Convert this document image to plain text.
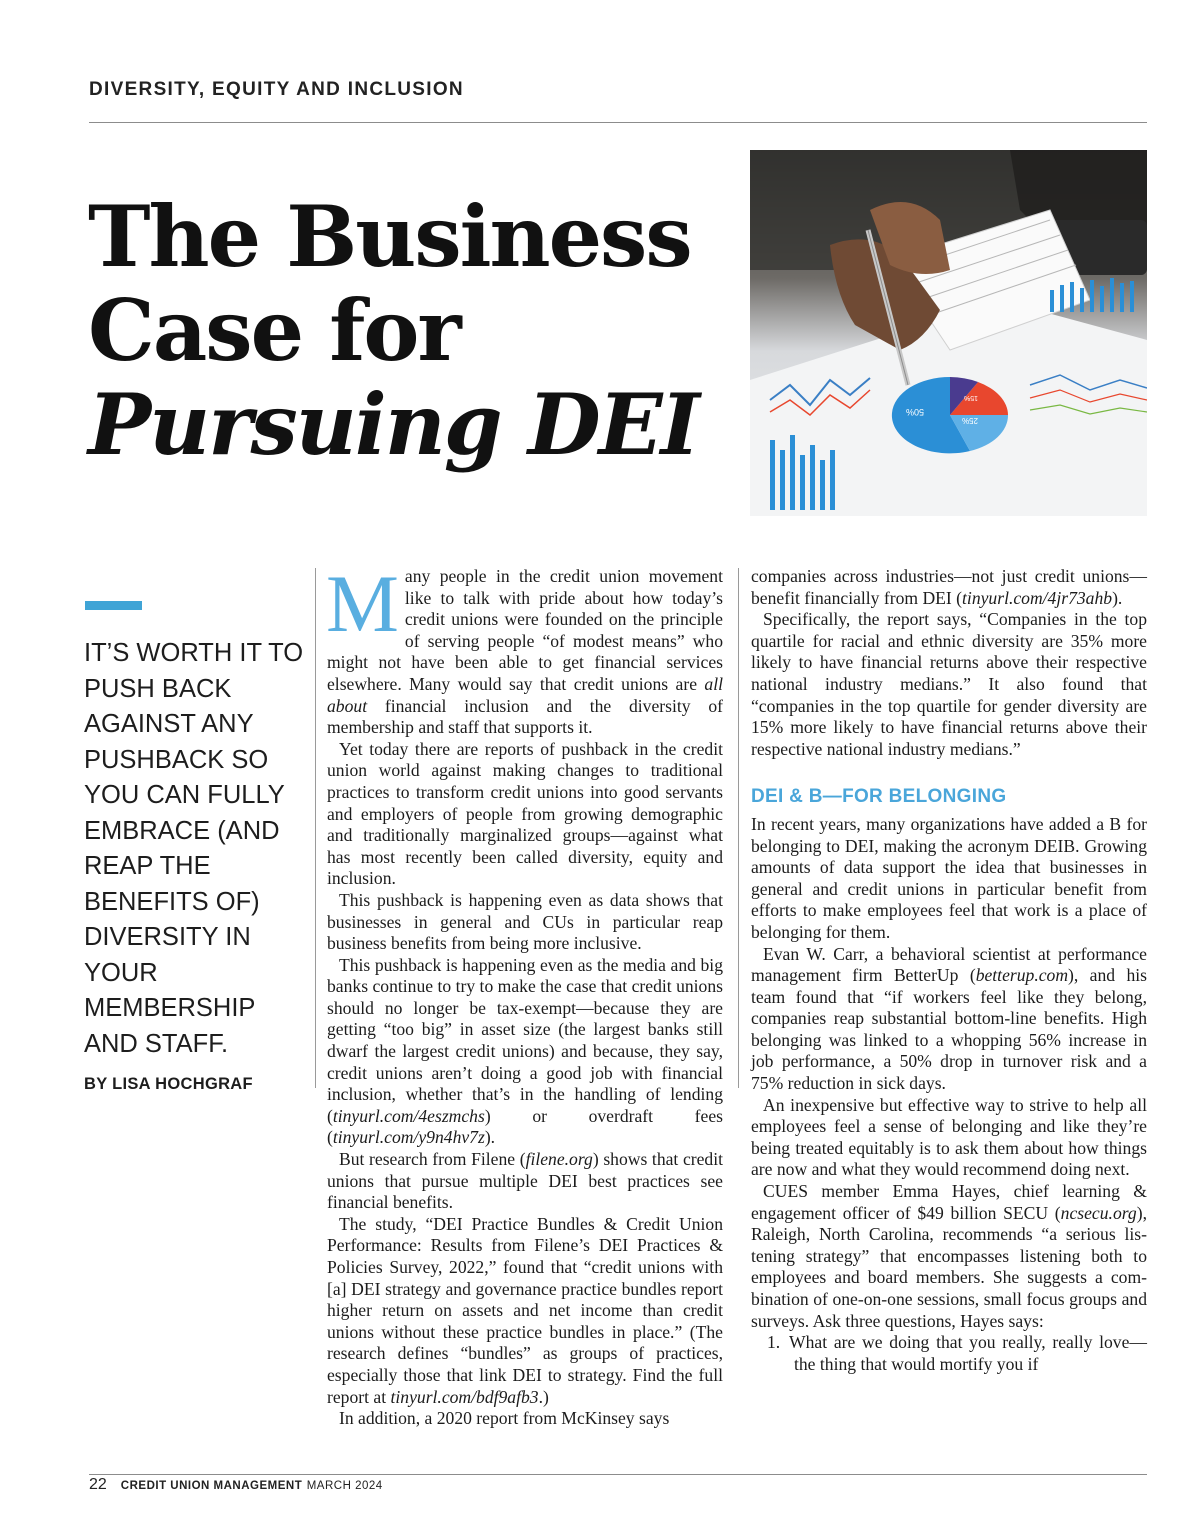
DIVERSITY, EQUITY AND INCLUSION

The Business
Case for
Pursuing DEI	50%
25%
15%

IT’S WORTH IT TO PUSH BACK AGAINST ANY PUSHBACK SO YOU CAN FULLY EMBRACE (AND REAP THE BENEFITS OF) DIVERSITY IN YOUR MEMBERSHIP AND STAFF.

BY LISA HOCHGRAF

Many people in the credit union movement like to talk with pride about how today’s credit unions were founded on the principle of serving people “of modest means” who might not have been able to get financial services elsewhere. Many would say that credit unions are all about financial inclusion and the diversity of membership and staff that supports it.

Yet today there are reports of pushback in the credit union world against making changes to traditional practices to transform credit unions into good servants and employers of people from growing demographic and traditionally marginalized groups—against what has most recently been called diversity, equity and inclusion.

This pushback is happening even as data shows that businesses in general and CUs in particular reap business benefits from being more inclusive.

This pushback is happening even as the media and big banks continue to try to make the case that credit unions should no longer be tax-exempt—because they are getting “too big” in asset size (the largest banks still dwarf the largest credit unions) and because, they say, credit unions aren’t doing a good job with financial inclusion, whether that’s in the handling of lending (tinyurl.com/4eszmchs) or overdraft fees (tinyurl.com/y9n4hv7z).

But research from Filene (filene.org) shows that credit unions that pursue multiple DEI best practices see financial benefits.

The study, “DEI Practice Bundles & Credit Union Performance: Results from Filene’s DEI Practices & Policies Survey, 2022,” found that “credit unions with [a] DEI strategy and governance practice bundles report higher return on assets and net income than credit unions without these practice bundles in place.” (The research defines “bundles” as groups of practices, especially those that link DEI to strategy. Find the full report at tinyurl.com/bdf9afb3.)

In addition, a 2020 report from McKinsey says

companies across industries—not just credit unions—benefit financially from DEI (tinyurl.com/4jr73ahb).

Specifically, the report says, “Companies in the top quartile for racial and ethnic diversity are 35% more likely to have financial returns above their respective national industry medians.” It also found that “companies in the top quartile for gender diversity are 15% more likely to have financial returns above their respective national industry medians.”

DEI & B—FOR BELONGING

In recent years, many organizations have added a B for belonging to DEI, making the acronym DEIB. Growing amounts of data support the idea that businesses in general and credit unions in particular benefit from efforts to make employees feel that work is a place of belonging for them.

Evan W. Carr, a behavioral scientist at performance management firm BetterUp (betterup.com), and his team found that “if workers feel like they belong, companies reap substantial bottom-line benefits. High belonging was linked to a whopping 56% increase in job performance, a 50% drop in turnover risk and a 75% reduction in sick days.

An inexpensive but effective way to strive to help all employees feel a sense of belonging and like they’re being treated equitably is to ask them about how things are now and what they would recommend doing next.

CUES member Emma Hayes, chief learning & engagement officer of $49 billion SECU (ncsecu.org), Raleigh, North Carolina, recommends “a serious listening strategy” that encompasses listening both to employees and board members. She suggests a combination of one-on-one sessions, small focus groups and surveys. Ask three questions, Hayes says:

1. What are we doing that you really, really love—the thing that would mortify you if
22 CREDIT UNION MANAGEMENT MARCH 2024
